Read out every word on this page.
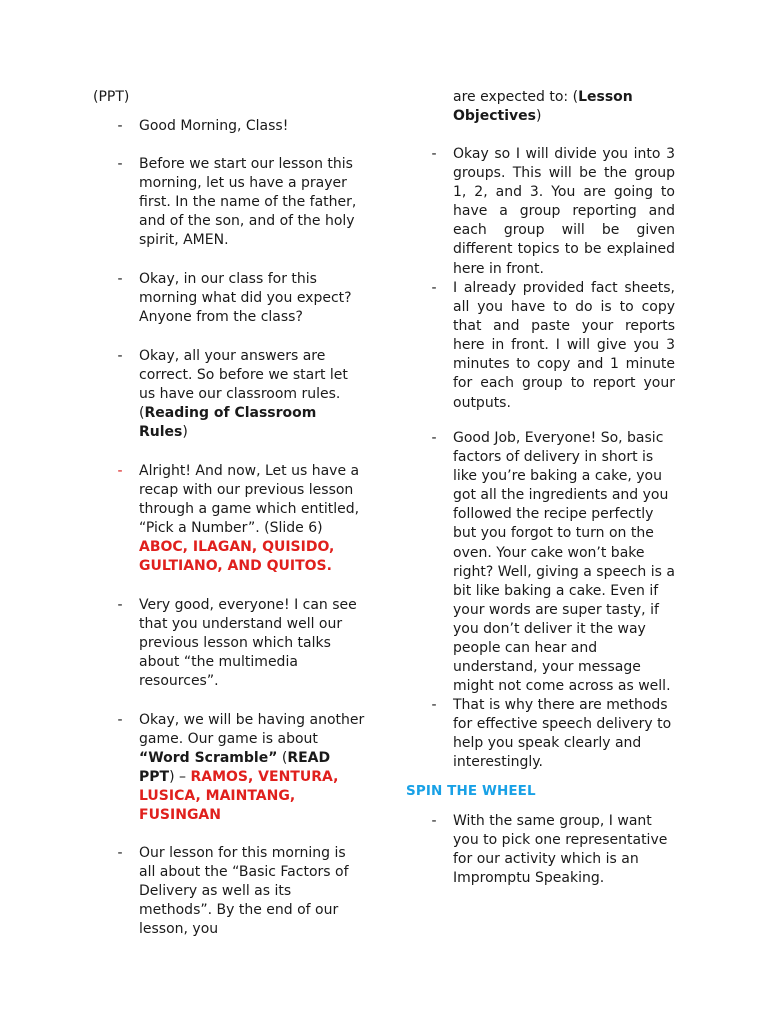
(PPT)
- Good Morning, Class!
- Before we start our lesson this morning, let us have a prayer first. In the name of the father, and of the son, and of the holy spirit, AMEN.
- Okay, in our class for this morning what did you expect? Anyone from the class?
- Okay, all your answers are correct. So before we start let us have our classroom rules. (Reading of Classroom Rules)
- Alright! And now, Let us have a recap with our previous lesson through a game which entitled, “Pick a Number”. (Slide 6) ABOC, ILAGAN, QUISIDO, GULTIANO, AND QUITOS.
- Very good, everyone! I can see that you understand well our previous lesson which talks about “the multimedia resources”.
- Okay, we will be having another game. Our game is about “Word Scramble” (READ PPT) – RAMOS, VENTURA, LUSICA, MAINTANG, FUSINGAN
- Our lesson for this morning is all about the “Basic Factors of Delivery as well as its methods”. By the end of our lesson, you
are expected to: (Lesson Objectives)
- Okay so I will divide you into 3 groups. This will be the group 1, 2, and 3. You are going to have a group reporting and each group will be given different topics to be explained here in front.
- I already provided fact sheets, all you have to do is to copy that and paste your reports here in front. I will give you 3 minutes to copy and 1 minute for each group to report your outputs.
- Good Job, Everyone! So, basic factors of delivery in short is like you’re baking a cake, you got all the ingredients and you followed the recipe perfectly but you forgot to turn on the oven. Your cake won’t bake right? Well, giving a speech is a bit like baking a cake. Even if your words are super tasty, if you don’t deliver it the way people can hear and understand, your message might not come across as well.
- That is why there are methods for effective speech delivery to help you speak clearly and interestingly.
SPIN THE WHEEL
- With the same group, I want you to pick one representative for our activity which is an Impromptu Speaking.
